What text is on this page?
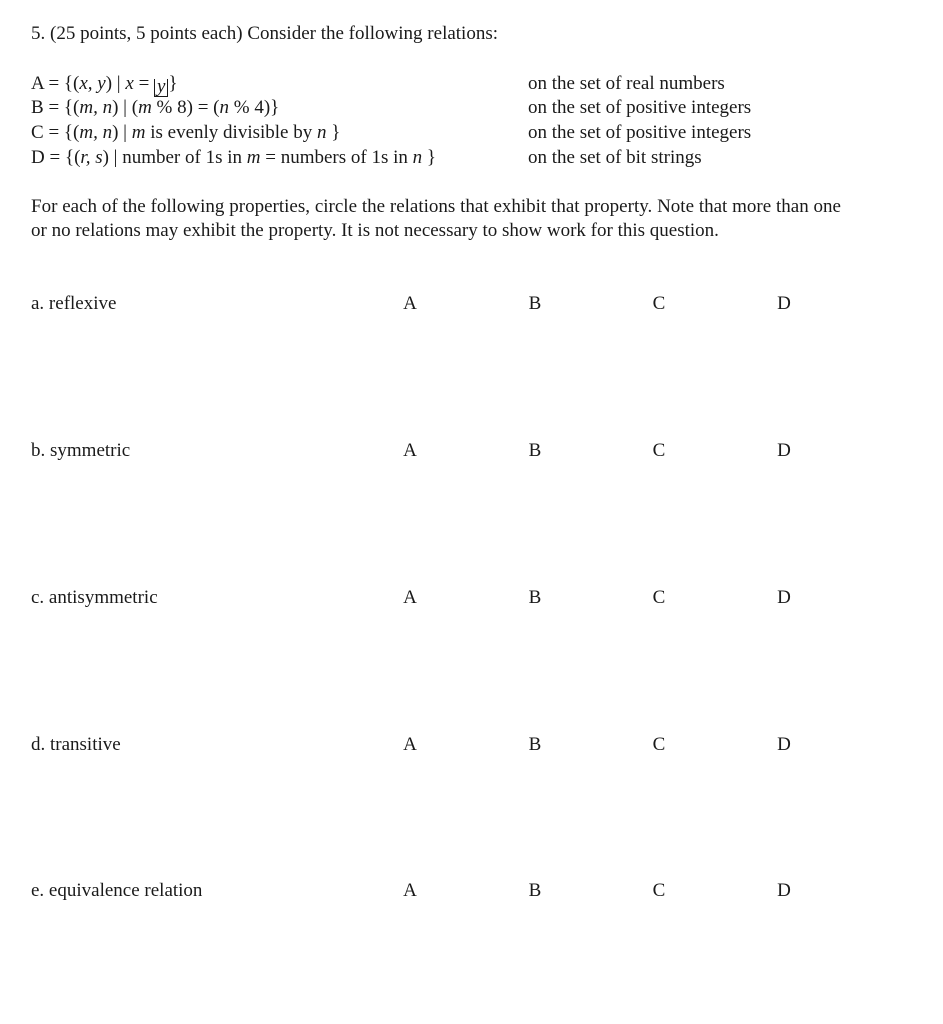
5. (25 points, 5 points each) Consider the following relations:
A = {(x, y) | x = y }	on the set of real numbers
B = {(m, n) | (m % 8) = (n % 4)}	on the set of positive integers
C = {(m, n) | m is evenly divisible by n }	on the set of positive integers
D = {(r, s) | number of 1s in m = numbers of 1s in n }	on the set of bit strings
For each of the following properties, circle the relations that exhibit that property. Note that more than one or no relations may exhibit the property. It is not necessary to show work for this question.
a. reflexive	A	B	C	D
b. symmetric	A	B	C	D
c. antisymmetric	A	B	C	D
d. transitive	A	B	C	D
e. equivalence relation	A	B	C	D
